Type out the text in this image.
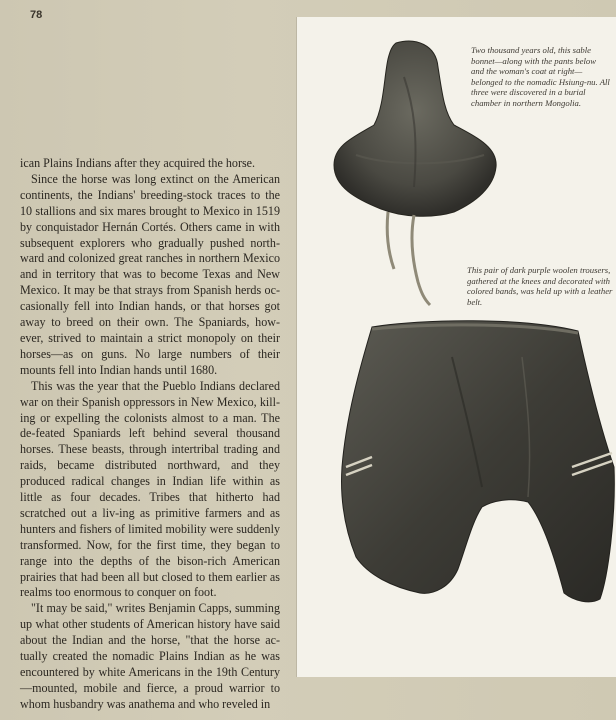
78

ican Plains Indians after they acquired the horse.

Since the horse was long extinct on the American continents, the Indians' breeding-stock traces to the 10 stallions and six mares brought to Mexico in 1519 by conquistador Hernán Cortés. Others came in with subsequent explorers who gradually pushed north-ward and colonized great ranches in northern Mexico and in territory that was to become Texas and New Mexico. It may be that strays from Spanish herds oc-casionally fell into Indian hands, or that horses got away to breed on their own. The Spaniards, how-ever, strived to maintain a strict monopoly on their horses—as on guns. No large numbers of their mounts fell into Indian hands until 1680.

This was the year that the Pueblo Indians declared war on their Spanish oppressors in New Mexico, kill-ing or expelling the colonists almost to a man. The de-feated Spaniards left behind several thousand horses. These beasts, through intertribal trading and raids, became distributed northward, and they produced radical changes in Indian life within as little as four decades. Tribes that hitherto had scratched out a liv-ing as primitive farmers and as hunters and fishers of limited mobility were suddenly transformed. Now, for the first time, they began to range into the depths of the bison-rich American prairies that had been all but closed to them earlier as realms too enormous to conquer on foot.

"It may be said," writes Benjamin Capps, summing up what other students of American history have said about the Indian and the horse, "that the horse ac-tually created the nomadic Plains Indian as he was encountered by white Americans in the 19th Century —mounted, mobile and fierce, a proud warrior to whom husbandry was anathema and who reveled in

Two thousand years old, this sable bonnet—along with the pants below and the woman's coat at right—belonged to the nomadic Hsiung-nu. All three were discovered in a burial chamber in northern Mongolia.
This pair of dark purple woolen trousers, gathered at the knees and decorated with colored bands, was held up with a leather belt.
